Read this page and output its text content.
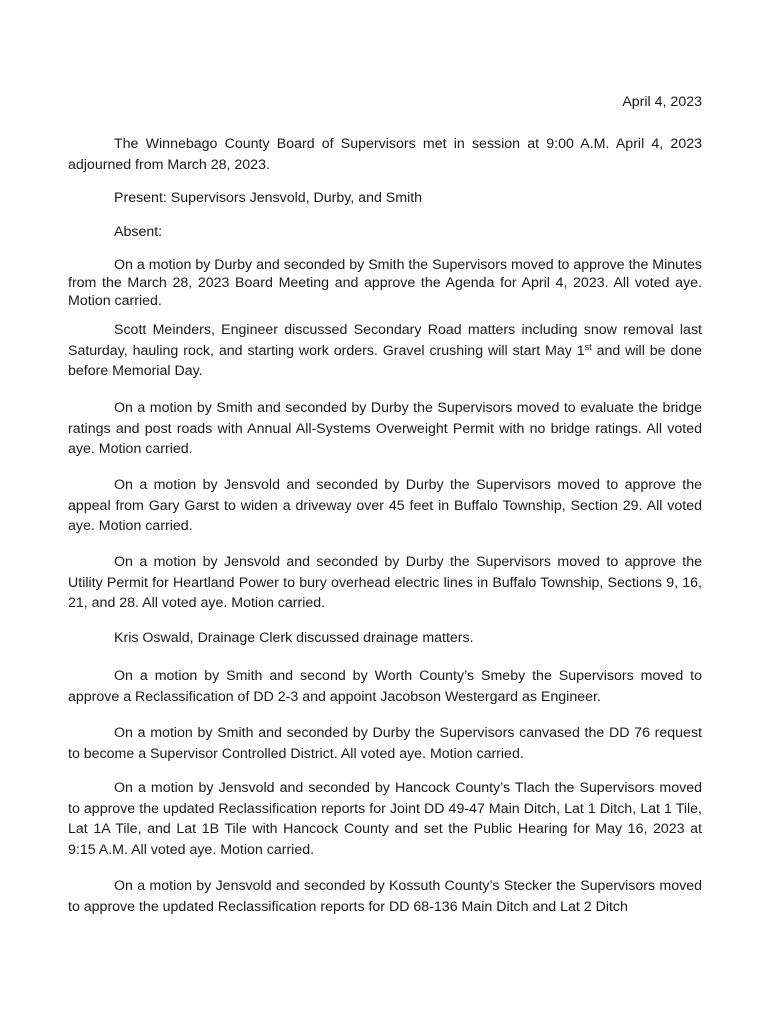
April 4, 2023

The Winnebago County Board of Supervisors met in session at 9:00 A.M. April 4, 2023 adjourned from March 28, 2023.

Present: Supervisors Jensvold, Durby, and Smith

Absent:

On a motion by Durby and seconded by Smith the Supervisors moved to approve the Minutes from the March 28, 2023 Board Meeting and approve the Agenda for April 4, 2023. All voted aye. Motion carried.

Scott Meinders, Engineer discussed Secondary Road matters including snow removal last Saturday, hauling rock, and starting work orders. Gravel crushing will start May 1st and will be done before Memorial Day.

On a motion by Smith and seconded by Durby the Supervisors moved to evaluate the bridge ratings and post roads with Annual All-Systems Overweight Permit with no bridge ratings. All voted aye. Motion carried.

On a motion by Jensvold and seconded by Durby the Supervisors moved to approve the appeal from Gary Garst to widen a driveway over 45 feet in Buffalo Township, Section 29. All voted aye. Motion carried.

On a motion by Jensvold and seconded by Durby the Supervisors moved to approve the Utility Permit for Heartland Power to bury overhead electric lines in Buffalo Township, Sections 9, 16, 21, and 28. All voted aye. Motion carried.

Kris Oswald, Drainage Clerk discussed drainage matters.

On a motion by Smith and second by Worth County’s Smeby the Supervisors moved to approve a Reclassification of DD 2-3 and appoint Jacobson Westergard as Engineer.

On a motion by Smith and seconded by Durby the Supervisors canvased the DD 76 request to become a Supervisor Controlled District. All voted aye. Motion carried.

On a motion by Jensvold and seconded by Hancock County’s Tlach the Supervisors moved to approve the updated Reclassification reports for Joint DD 49-47 Main Ditch, Lat 1 Ditch, Lat 1 Tile, Lat 1A Tile, and Lat 1B Tile with Hancock County and set the Public Hearing for May 16, 2023 at 9:15 A.M. All voted aye. Motion carried.

On a motion by Jensvold and seconded by Kossuth County’s Stecker the Supervisors moved to approve the updated Reclassification reports for DD 68-136 Main Ditch and Lat 2 Ditch
